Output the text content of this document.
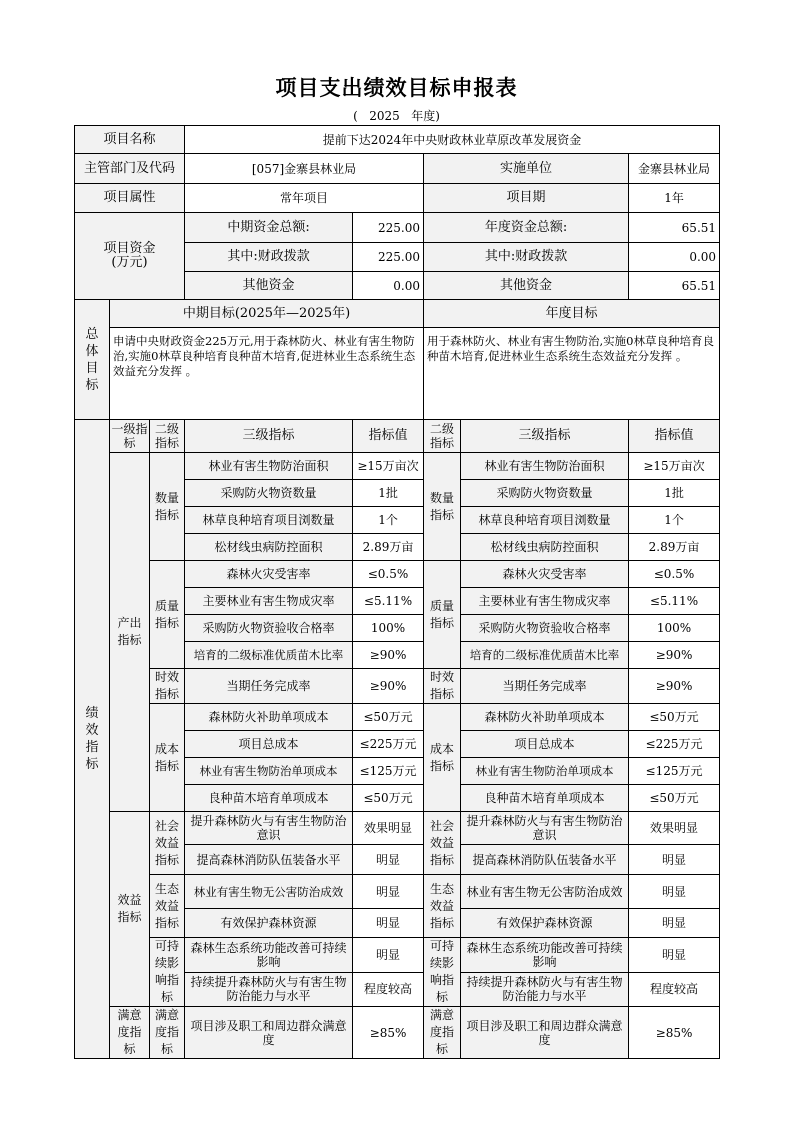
项目支出绩效目标申报表
(   2025   年度)
项目名称			提前下达2024年中央财政林业草原改革发展资金				
主管部门及代码			[057]金寨县林业局		实施单位		金寨县林业局
项目属性			常年项目		项目期		1年
项目资金
(万元)			中期资金总额:	225.00	年度资金总额:		65.51
			其中:财政拨款	225.00	其中:财政拨款		0.00
			其他资金	0.00	其他资金		65.51
总体目标	中期目标(2025年—2025年)				年度目标		
	申请中央财政资金225万元,用于森林防火、林业有害生物防治,实施0林草良种培育良种苗木培育,促进林业生态系统生态效益充分发挥 。				用于森林防火、林业有害生物防治,实施0林草良种培育良种苗木培育,促进林业生态系统生态效益充分发挥 。		
绩效指标	一级指标	二级指标	三级指标	指标值	二级指标	三级指标	指标值
	产出指标	数量指标	林业有害生物防治面积	≥15万亩次	数量指标	林业有害生物防治面积	≥15万亩次
			采购防火物资数量	1批		采购防火物资数量	1批
			林草良种培育项目浏数量	1个		林草良种培育项目浏数量	1个
			松材线虫病防控面积	2.89万亩		松材线虫病防控面积	2.89万亩
		质量指标	森林火灾受害率	≤0.5%	质量指标	森林火灾受害率	≤0.5%
			主要林业有害生物成灾率	≤5.11%		主要林业有害生物成灾率	≤5.11%
			采购防火物资验收合格率	100%		采购防火物资验收合格率	100%
			培育的二级标准优质苗木比率	≥90%		培育的二级标准优质苗木比率	≥90%
		时效指标	当期任务完成率	≥90%	时效指标	当期任务完成率	≥90%
		成本指标	森林防火补助单项成本	≤50万元	成本指标	森林防火补助单项成本	≤50万元
			项目总成本	≤225万元		项目总成本	≤225万元
			林业有害生物防治单项成本	≤125万元		林业有害生物防治单项成本	≤125万元
			良种苗木培育单项成本	≤50万元		良种苗木培育单项成本	≤50万元
	效益指标	社会效益指标	提升森林防火与有害生物防治意识	效果明显	社会效益指标	提升森林防火与有害生物防治意识	效果明显
			提高森林消防队伍装备水平	明显		提高森林消防队伍装备水平	明显
		生态效益指标	林业有害生物无公害防治成效	明显	生态效益指标	林业有害生物无公害防治成效	明显
			有效保护森林资源	明显		有效保护森林资源	明显
		可持续影响指标	森林生态系统功能改善可持续影响	明显	可持续影响指标	森林生态系统功能改善可持续影响	明显
			持续提升森林防火与有害生物防治能力与水平	程度较高		持续提升森林防火与有害生物防治能力与水平	程度较高
	满意度指标	满意度指标	项目涉及职工和周边群众满意度	≥85%	满意度指标	项目涉及职工和周边群众满意度	≥85%
